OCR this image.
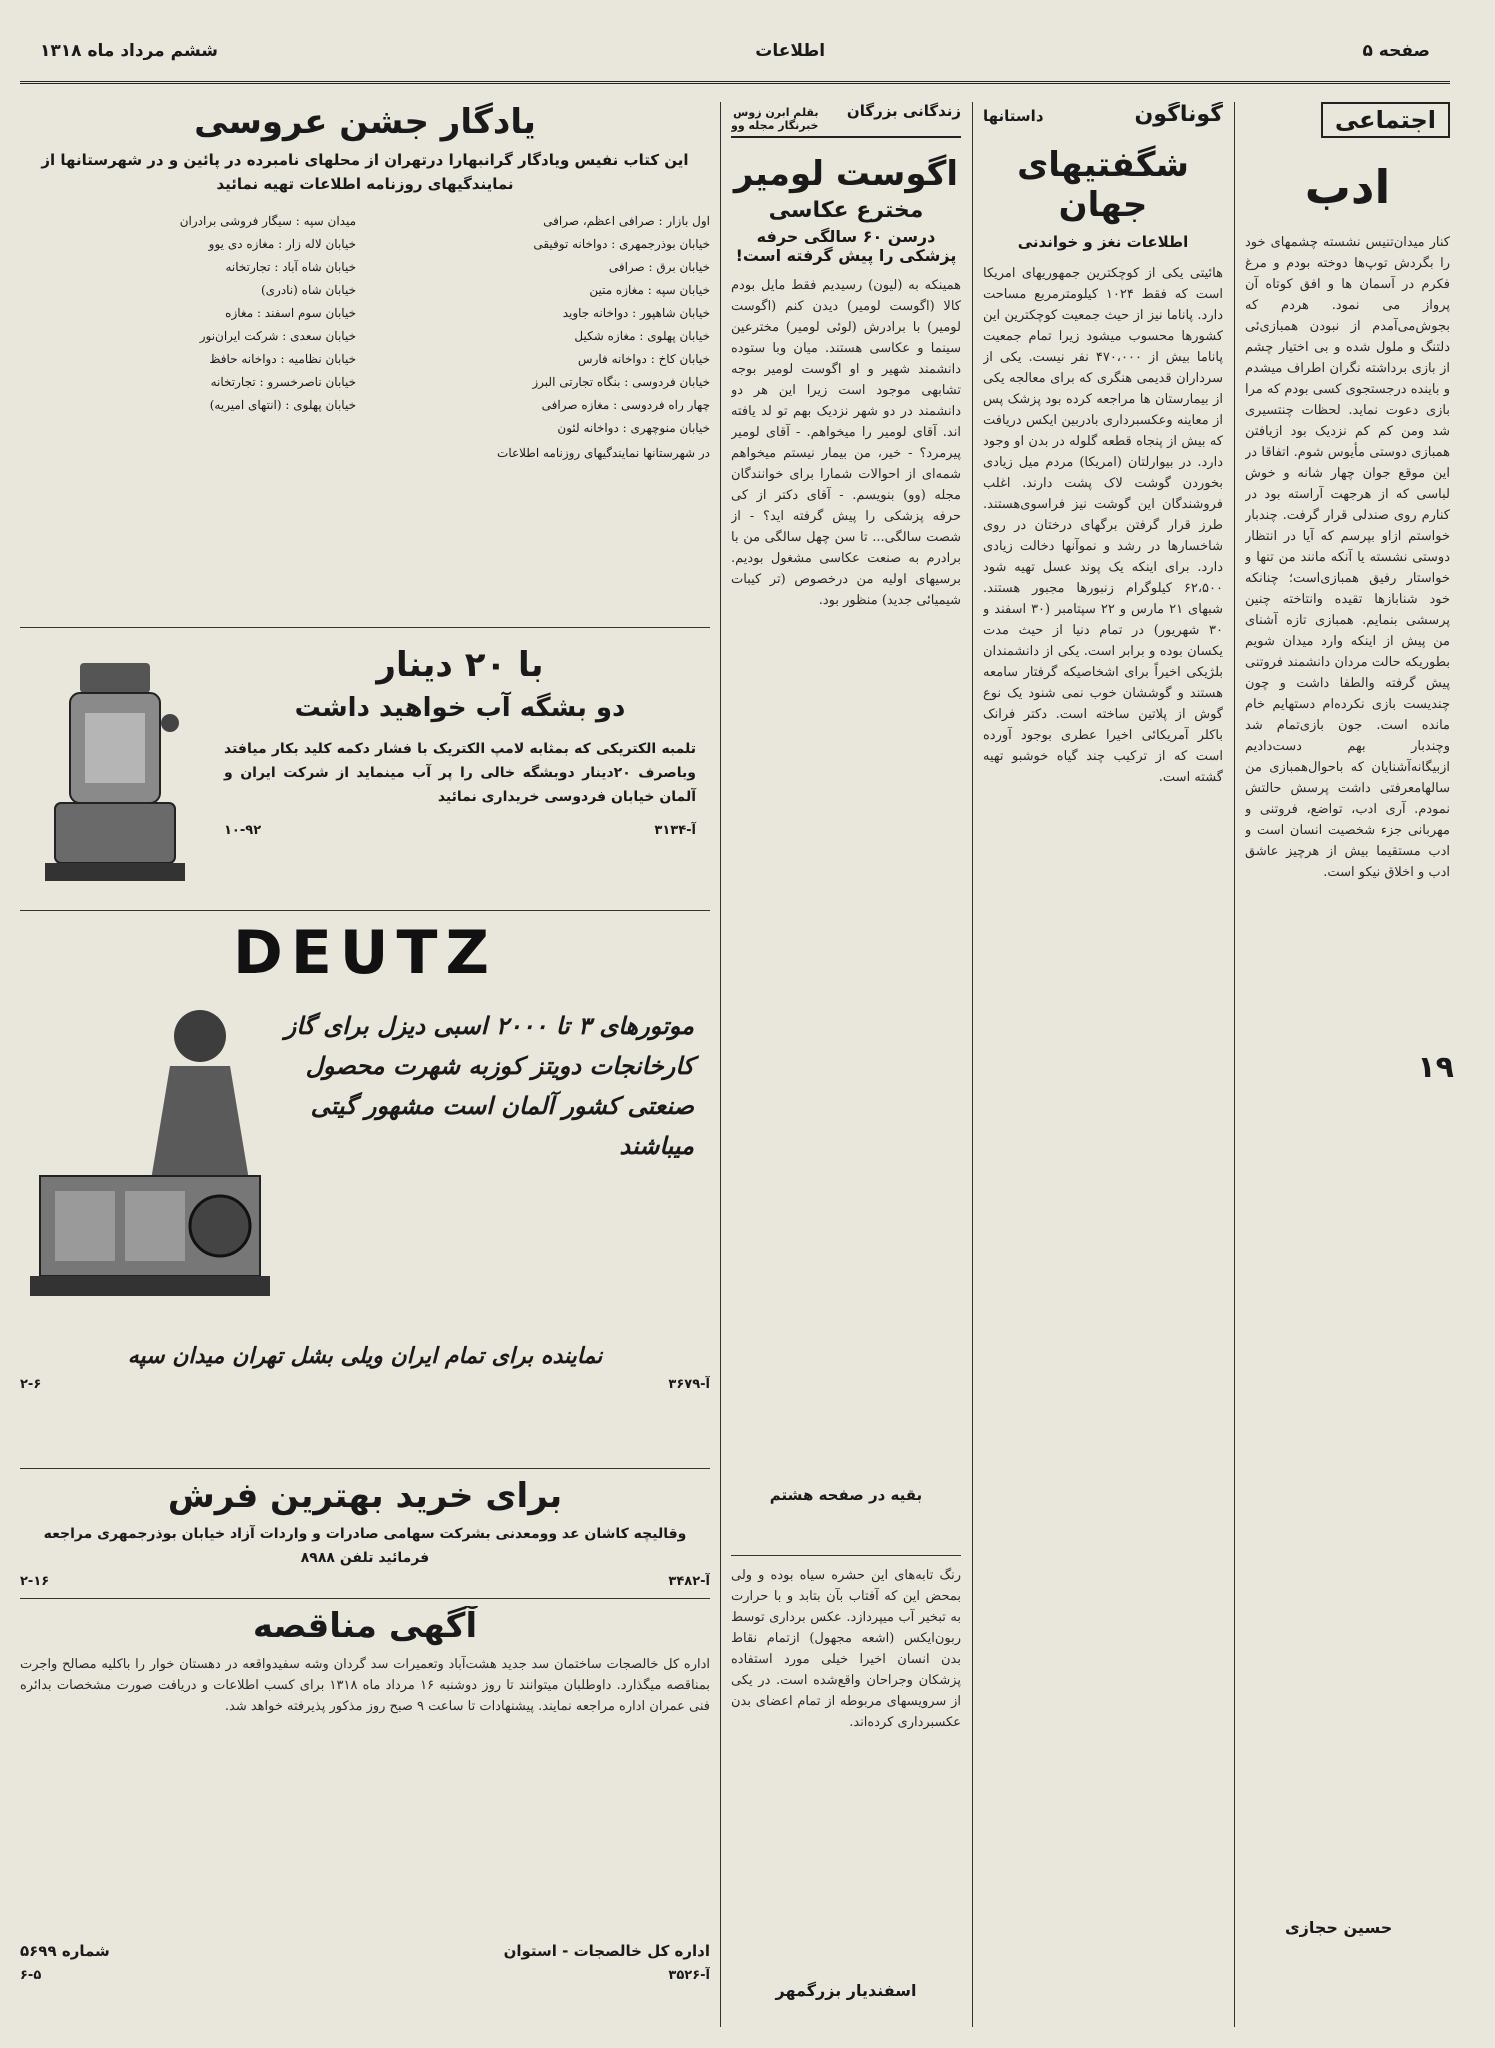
صفحه ۵
اطلاعات
ششم مرداد ماه ۱۳۱۸
۱۹
اجتماعی
ادب
کنار میدان‌تنیس نشسته چشمهای خود را بگردش توپ‌ها دوخته بودم و مرغ فکرم در آسمان ها و افق کوتاه آن پرواز می نمود. هردم که بجوش‌می‌آمدم از نبودن همبازی‌ئی دلتنگ و ملول شده و بی اختیار چشم از بازی برداشته نگران اطراف میشدم و باینده درجستجوی کسی بودم که مرا بازی دعوت نماید. لحظات چنتسیری شد ومن کم کم نزدیک بود ازیافتن همبازی‌ دوستی مأیوس شوم. اتفاقا در این موقع جوان چهار شانه و خوش لباسی که از هرجهت آراسته بود در کنارم روی صندلی قرار گرفت. چندبار خواستم ازاو بپرسم که آیا در انتظار دوستی نشسته یا آنکه مانند من تنها و خواستار رفیق همبازی‌است؛ چنانکه خود شنابازها تقیده وانتاخته چنین پرسشی بنمایم. همبازی تازه آشنای من پیش از اینکه وارد میدان شویم بطوریکه حالت مردان دانشمند فروتنی پیش گرفته والطفا داشت و چون چندیست بازی نکرده‌ام دستهایم خام مانده است. جون بازی‌تمام شد وچندبار بهم دست‌دادیم ازبیگانه‌آشنایان که باحوال‌همبازی من سالها‌معرفتی داشت پرسش حالتش نمودم. آری ادب، تواضع، فروتنی و مهربانی جزء شخصیت انسان است و ادب مستقیما بیش از هرچیز عاشق ادب و اخلاق نیکو است.
حسین حجازی
گوناگون
داستانها
شگفتیهای جهان
اطلاعات نغز و خواندنی
هائیتی یکی از کوچکترین جمهوریهای امریکا است که فقط ۱۰۲۴ کیلومترمربع مساحت دارد. پاناما نیز از حیث جمعیت کوچکترین این کشورها محسوب میشود زیرا تمام جمعیت پاناما بیش از ۴۷۰،۰۰۰ نفر نیست. یکی از سرداران قدیمی هنگری که برای معالجه یکی از بیمارستان ها مراجعه کرده بود پزشک پس از معاینه وعکسبرداری بادربین ایکس دریافت که بیش از پنجاه قطعه گلوله در بدن او وجود دارد. در بیوارلتان (امریکا) مردم میل زیادی بخوردن گوشت لاک پشت دارند. اغلب فروشندگان این گوشت نیز فراسوی‌هستند. طرز قرار گرفتن برگهای درختان در روی شاخسارها در رشد و نموآنها دخالت زیادی دارد. برای اینکه یک پوند عسل تهیه شود ۶۲،۵۰۰ کیلوگرام زنبورها مجبور هستند. شبهای ۲۱ مارس و ۲۲ سپتامبر (۳۰ اسفند و ۳۰ شهریور) در تمام دنیا از حیث مدت یکسان بوده و برابر است. یکی از دانشمندان بلژیکی اخیراً برای اشخاصیکه گرفتار سامعه هستند و گوششان خوب نمی شنود یک نوع گوش از پلاتین ساخته است. دکتر فرانک باکلر آمریکائی اخیرا عطری بوجود آورده است که از ترکیب چند گیاه خوشبو تهیه گشته است.
زندگانی بزرگان
بقلم ابرن زوس
خبرنگار مجله وو
اگوست لومیر
مخترع عکاسی
درسن ۶۰ سالگی حرفه پزشکی را پیش گرفته است!
همینکه به (لیون) رسیدیم فقط مایل بودم کالا (اگوست لومیر) دیدن کنم (اگوست لومیر) با برادرش (لوئی لومیر) مخترعین سینما و عکاسی هستند. میان وبا ستوده دانشمند شهیر و او اگوست لومیر بوجه تشابهی موجود است زیرا این هر دو دانشمند در دو شهر نزدیک بهم تو لد یافته اند. آقای لومیر را میخواهم. - آقای لومیر پیرمرد؟ - خیر، من بیمار نیستم میخواهم شمه‌ای از احوالات شمارا برای خوانندگان مجله (وو) بنویسم. - آقای دکتر از کی حرفه پزشکی را پیش گرفته اید؟ - از شصت سالگی... تا سن چهل سالگی من با برادرم به صنعت عکاسی مشغول بودیم. برسیهای اولیه من درخصوص (تر کیبات شیمیائی جدید) منظور بود.
بقیه در صفحه هشتم
رنگ تابه‌های این حشره سیاه بوده و ولی بمحض این که آفتاب بآن بتابد و با حرارت به تبخیر آب میپردازد. عکس برداری توسط ربون‌ایکس (اشعه مجهول) ازتمام نقاط بدن انسان اخیرا خیلی مورد استفاده پزشکان وجراحان واقع‌شده است. در یکی از سرویسهای مربوطه از تمام اعضای بدن عکسبرداری کرده‌اند.
اسفندیار بزرگمهر
یادگار جشن عروسی
این کتاب نفیس ویادگار گرانبهارا درتهران از محلهای نامبرده در پائین و در شهرستانها از نمایندگیهای روزنامه اطلاعات تهیه نمائید
اول بازار : صرافی اعظم، صرافی
میدان سپه : سیگار فروشی برادران
خیابان بوذرجمهری : دواخانه توفیقی
خیابان لاله زار : مغازه دی یوو
خیابان برق : صرافی
خیابان شاه آباد : تجارتخانه
خیابان سپه : مغازه متین
خیابان شاه (نادری)
خیابان شاهپور : دواخانه جاوید
خیابان سوم اسفند : مغازه
خیابان پهلوی : مغازه شکیل
خیابان سعدی : شرکت ایران‌نور
خیابان کاخ : دواخانه فارس
خیابان نظامیه : دواخانه حافظ
خیابان فردوسی : بنگاه تجارتی البرز
خیابان ناصرخسرو : تجارتخانه
چهار راه فردوسی : مغازه صرافی
خیابان پهلوی : (انتهای امیریه)
خیابان منوچهری : دواخانه لئون
در شهرستانها نمایندگیهای روزنامه اطلاعات
با ۲۰ دینار
دو بشگه آب خواهید داشت
تلمبه الکتریکی که بمثابه لامپ الکتریک با فشار دکمه کلید بکار میافتد وباصرف ۲۰دینار دوبشگه خالی را پر آب مینماید از شرکت ایران و آلمان خیابان فردوسی خریداری نمائید
آ-۳۱۳۴
۱۰-۹۲
DEUTZ
موتورهای ۳ تا ۲۰۰۰ اسبی دیزل برای گاز کارخانجات دویتز کوزبه شهرت محصول صنعتی کشور آلمان است مشهور گیتی میباشند
نماینده برای تمام ایران ویلی بشل تهران میدان سپه
آ-۳۶۷۹
۲-۶
برای خرید بهترین فرش
وقالیچه کاشان عد وومعدنی بشرکت سهامی صادرات و واردات آزاد خیابان بوذرجمهری مراجعه فرمائید تلفن ۸۹۸۸
آ-۳۴۸۲
۲-۱۶
آگهی مناقصه
اداره کل خالصجات ساختمان سد جدید هشت‌آباد وتعمیرات سد گردان وشه سفیدواقعه در دهستان خوار را باکلیه مصالح واجرت بمناقصه میگذارد. داوطلبان میتوانند تا روز دوشنبه ۱۶ مرداد ماه ۱۳۱۸ برای کسب اطلاعات و دریافت صورت مشخصات بدائره فنی عمران اداره مراجعه نمایند. پیشنهادات تا ساعت ۹ صبح روز مذکور پذیرفته خواهد شد.
اداره کل خالصجات - استوان
شماره ۵۶۹۹
آ-۳۵۲۶
۶-۵
